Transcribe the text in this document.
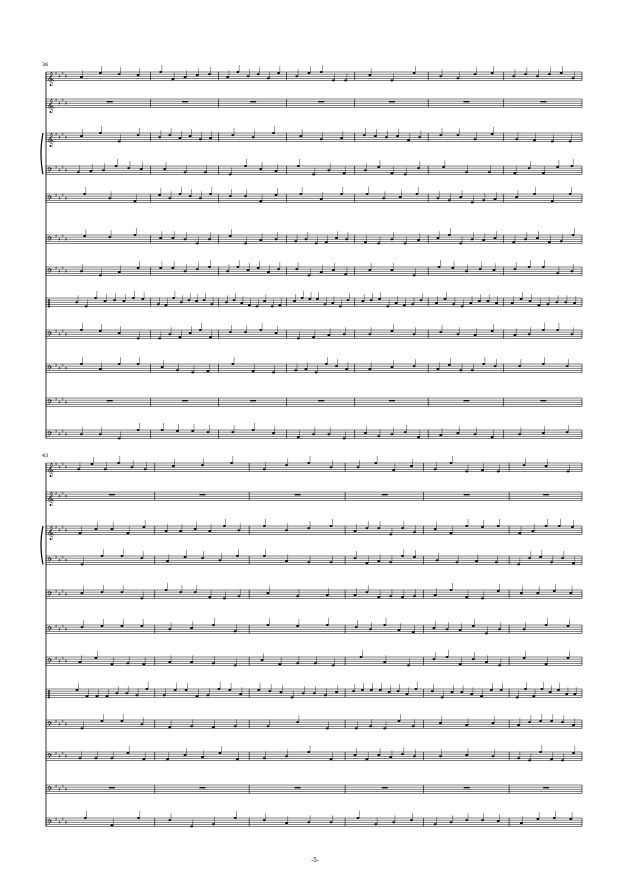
36
𝄞 ♯ ♯ ♯ ♯
𝄞 ♯ ♯ ♯ ♯
𝄞 ♯ ♯ ♯ ♯
𝄢 ♯ ♯ ♯ ♯
𝄢 ♯ ♯ ♯ ♯
𝄢 ♯ ♯ ♯ ♯
𝄢 ♯ ♯ ♯ ♯
‖
𝄢 ♯ ♯ ♯ ♯
𝄢 ♯ ♯ ♯ ♯
𝄢 ♯ ♯ ♯ ♯
𝄢 ♯ ♯ ♯ ♯
43
𝄞 ♯ ♯ ♯ ♯
𝄞 ♯ ♯ ♯ ♯
𝄞 ♯ ♯ ♯ ♯
𝄢 ♯ ♯ ♯ ♯
𝄢 ♯ ♯ ♯ ♯
𝄢 ♯ ♯ ♯ ♯
𝄢 ♯ ♯ ♯ ♯
‖
𝄢 ♯ ♯ ♯ ♯
𝄢 ♯ ♯ ♯ ♯
𝄢 ♯ ♯ ♯ ♯
𝄢 ♯ ♯ ♯ ♯
-5-
